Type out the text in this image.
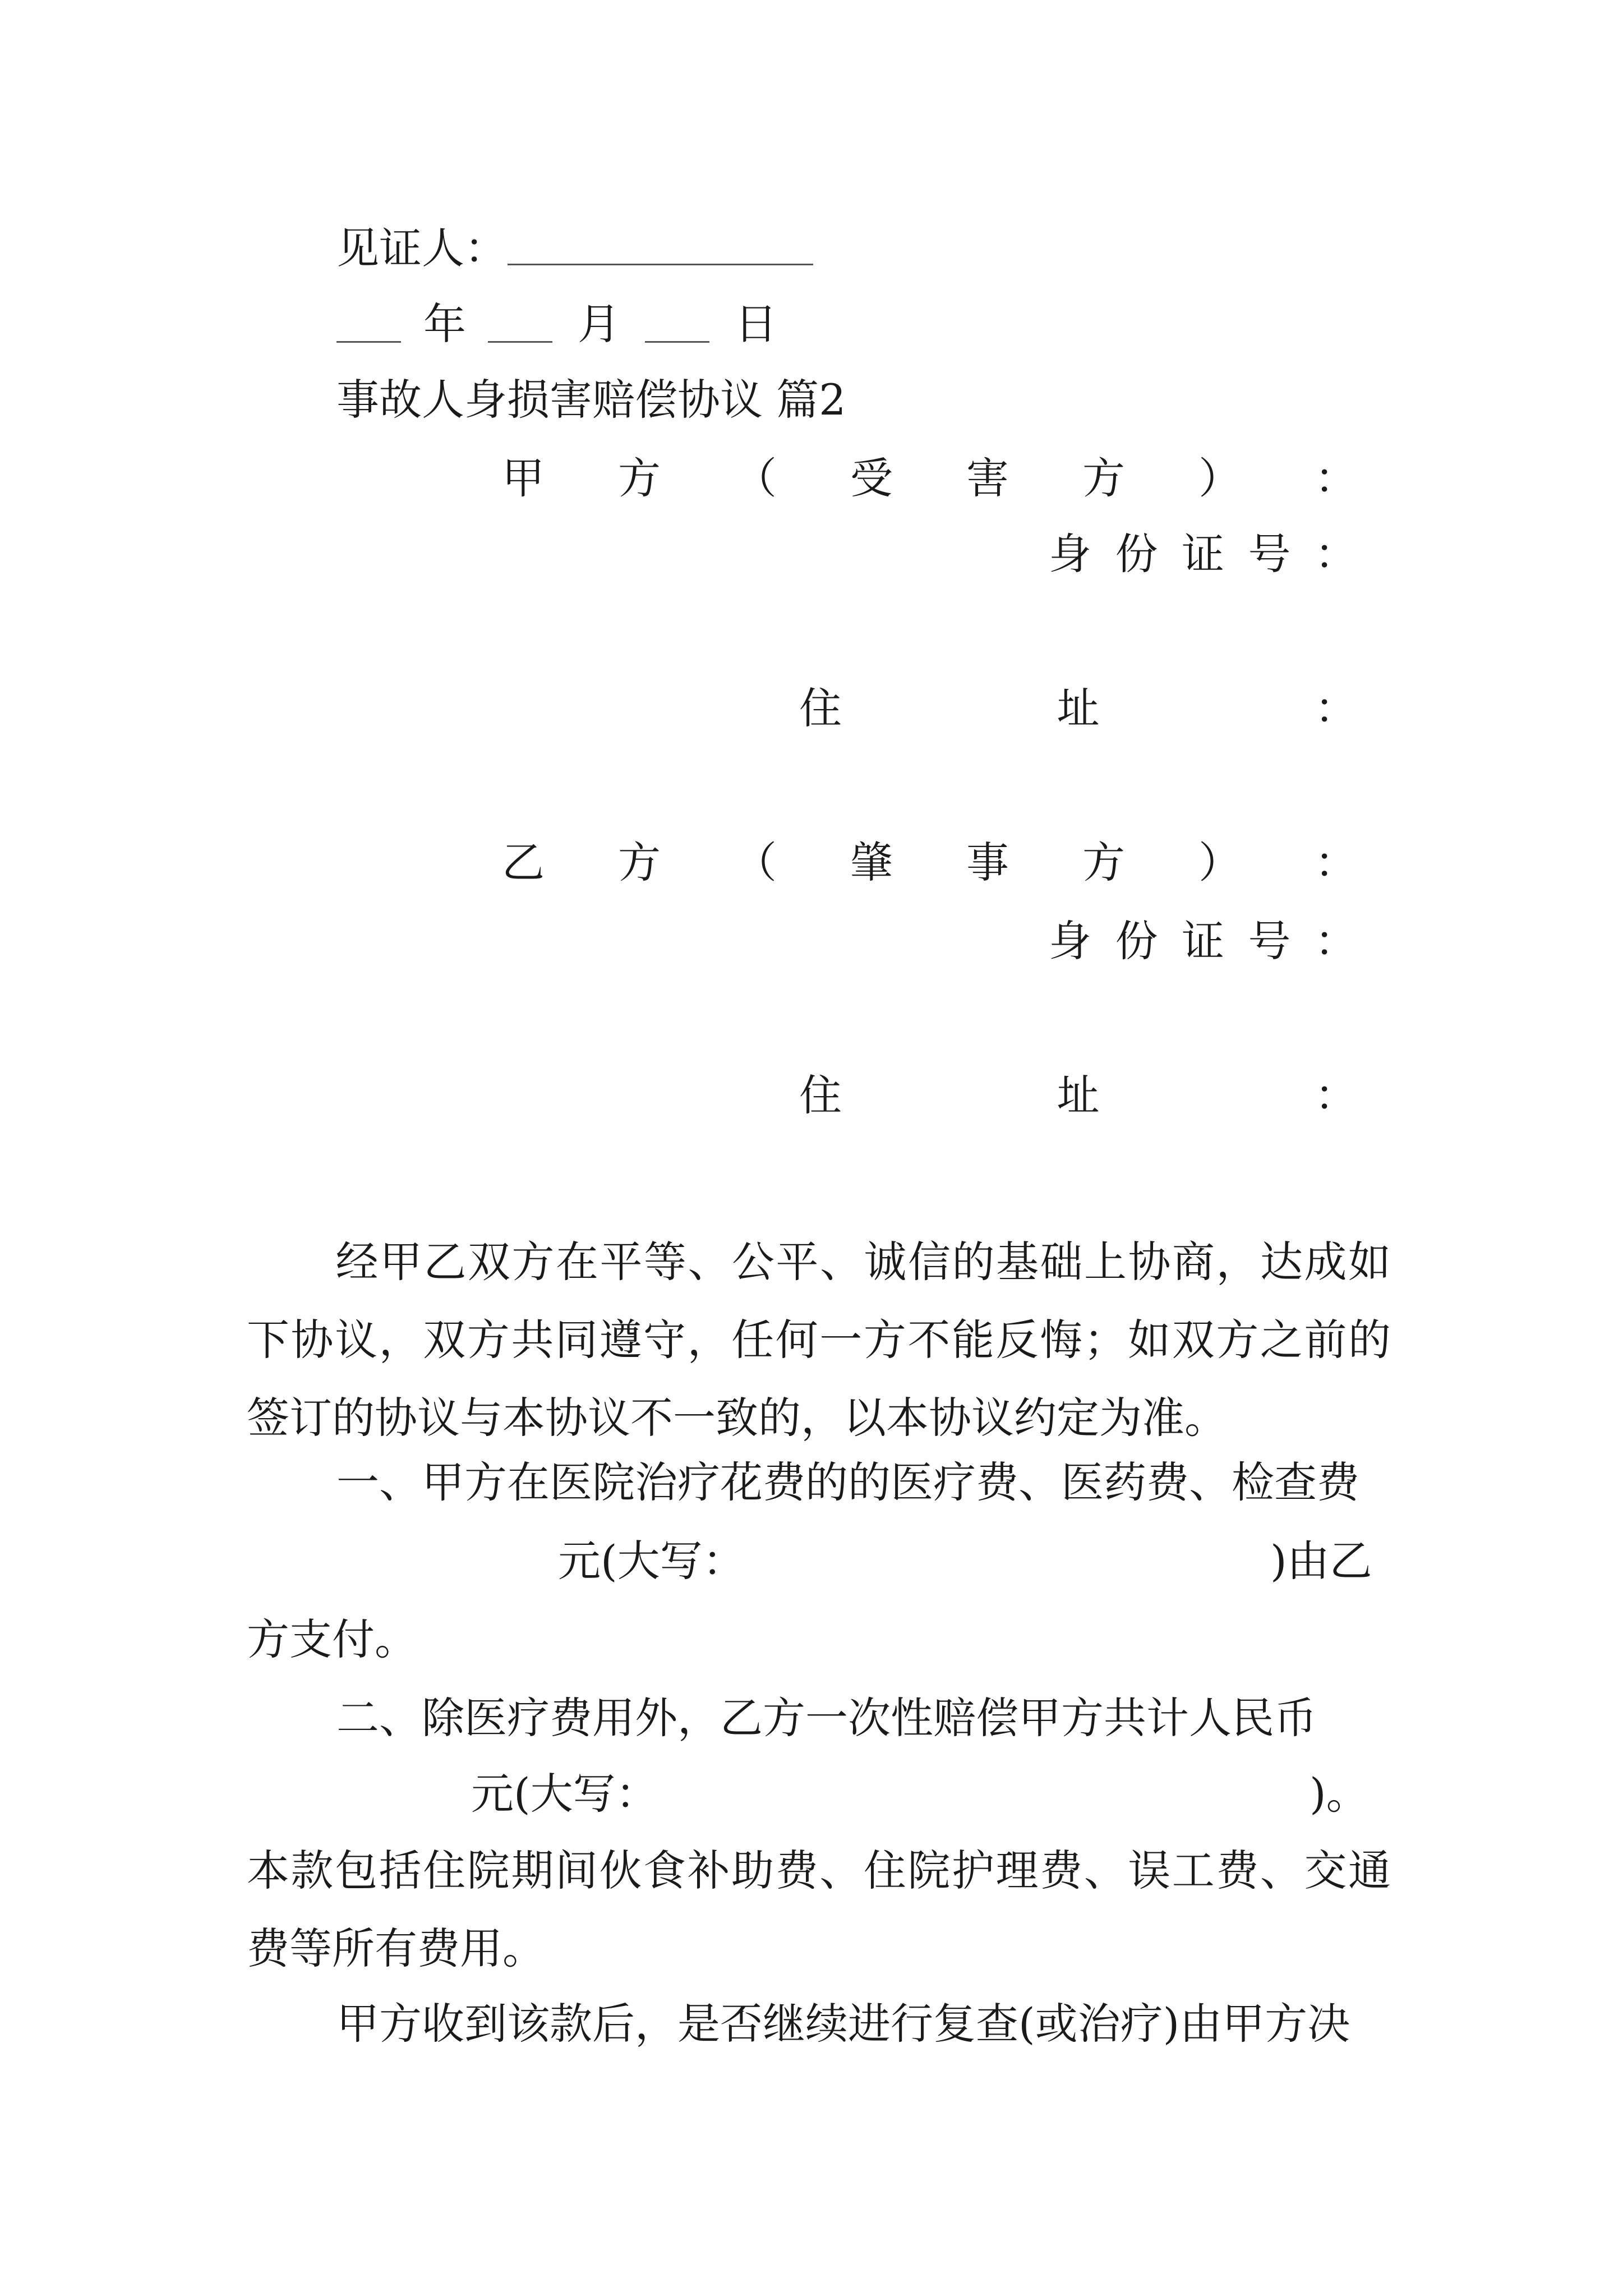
见证人：
年	月	日
事故人身损害赔偿协议 篇2
甲 方 （ 受 害 方 ） ：
身 份 证 号 ：
住	址	：
乙 方 （ 肇 事 方 ） ：
身 份 证 号 ：
住	址	：
经甲乙双方在平等、公平、诚信的基础上协商，达成如下协议，双方共同遵守，任何一方不能反悔；如双方之前的签订的协议与本协议不一致的，以本协议约定为准。
一、甲方在医院治疗花费的的医疗费、医药费、检查费
元(大写：	)由乙
方支付。
二、除医疗费用外，乙方一次性赔偿甲方共计人民币
元(大写：	)。
本款包括住院期间伙食补助费、住院护理费、误工费、交通费等所有费用。
甲方收到该款后，是否继续进行复查(或治疗)由甲方决
